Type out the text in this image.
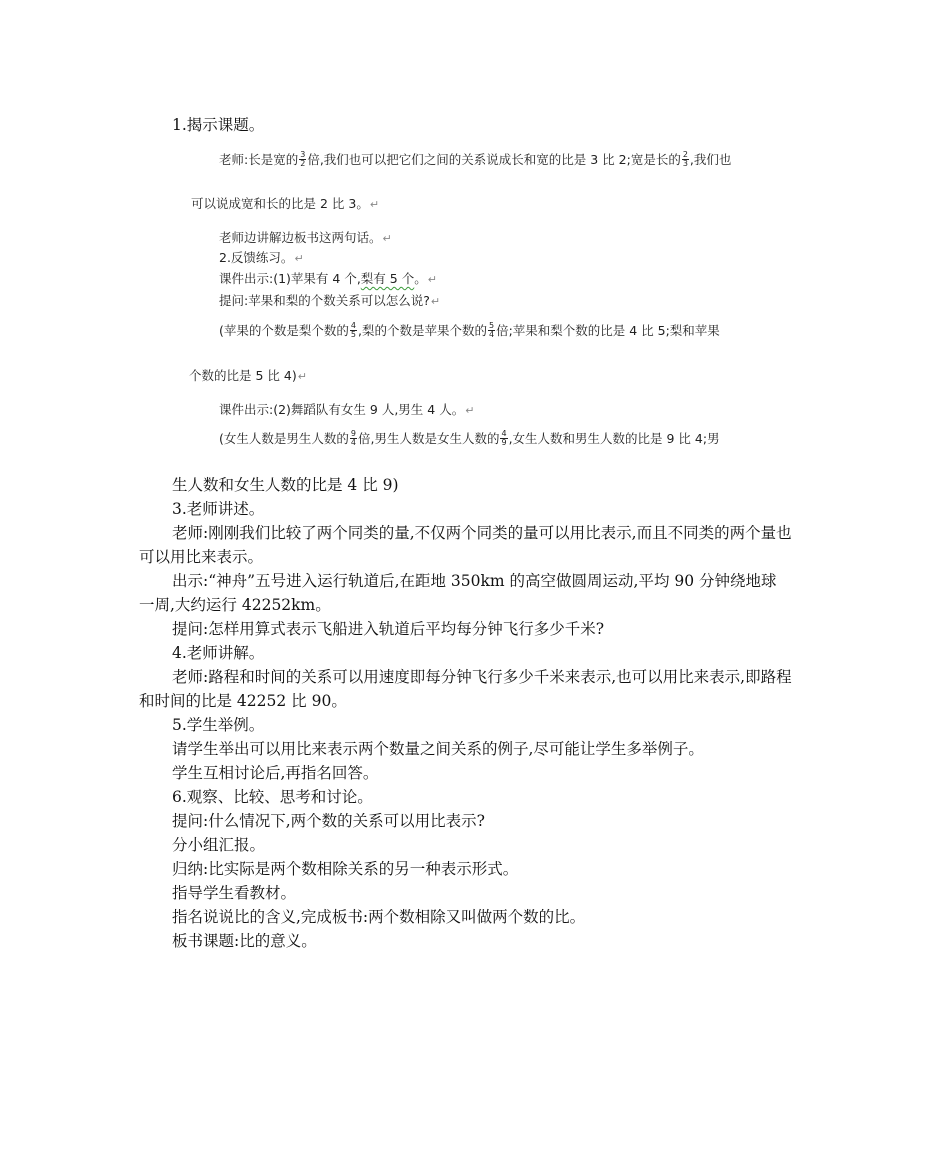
1.揭示课题。
老师:长是宽的 $\frac{3}{2}$ 倍,我们也可以把它们之间的关系说成长和宽的比是 3 比 2;宽是长的 $\frac{2}{3}$ ,我们也
可以说成宽和长的比是 2 比 3。↵
老师边讲解边板书这两句话。↵
2.反馈练习。↵
课件出示:(1)苹果有 4 个,梨有 5 个。↵
提问:苹果和梨的个数关系可以怎么说?↵
(苹果的个数是梨个数的 $\frac{4}{5}$ ,梨的个数是苹果个数的 $\frac{5}{4}$ 倍;苹果和梨个数的比是 4 比 5;梨和苹果
个数的比是 5 比 4)↵
课件出示:(2)舞蹈队有女生 9 人,男生 4 人。↵
(女生人数是男生人数的 $\frac{9}{4}$ 倍,男生人数是女生人数的 $\frac{4}{9}$ ,女生人数和男生人数的比是 9 比 4;男
生人数和女生人数的比是 4 比 9)
3.老师讲述。
老师:刚刚我们比较了两个同类的量,不仅两个同类的量可以用比表示,而且不同类的两个量也
可以用比来表示。
出示:“神舟”五号进入运行轨道后,在距地 350km 的高空做圆周运动,平均 90 分钟绕地球
一周,大约运行 42252km。
提问:怎样用算式表示飞船进入轨道后平均每分钟飞行多少千米?
4.老师讲解。
老师:路程和时间的关系可以用速度即每分钟飞行多少千米来表示,也可以用比来表示,即路程
和时间的比是 42252 比 90。
5.学生举例。
请学生举出可以用比来表示两个数量之间关系的例子,尽可能让学生多举例子。
学生互相讨论后,再指名回答。
6.观察、比较、思考和讨论。
提问:什么情况下,两个数的关系可以用比表示?
分小组汇报。
归纳:比实际是两个数相除关系的另一种表示形式。
指导学生看教材。
指名说说比的含义,完成板书:两个数相除又叫做两个数的比。
板书课题:比的意义。
